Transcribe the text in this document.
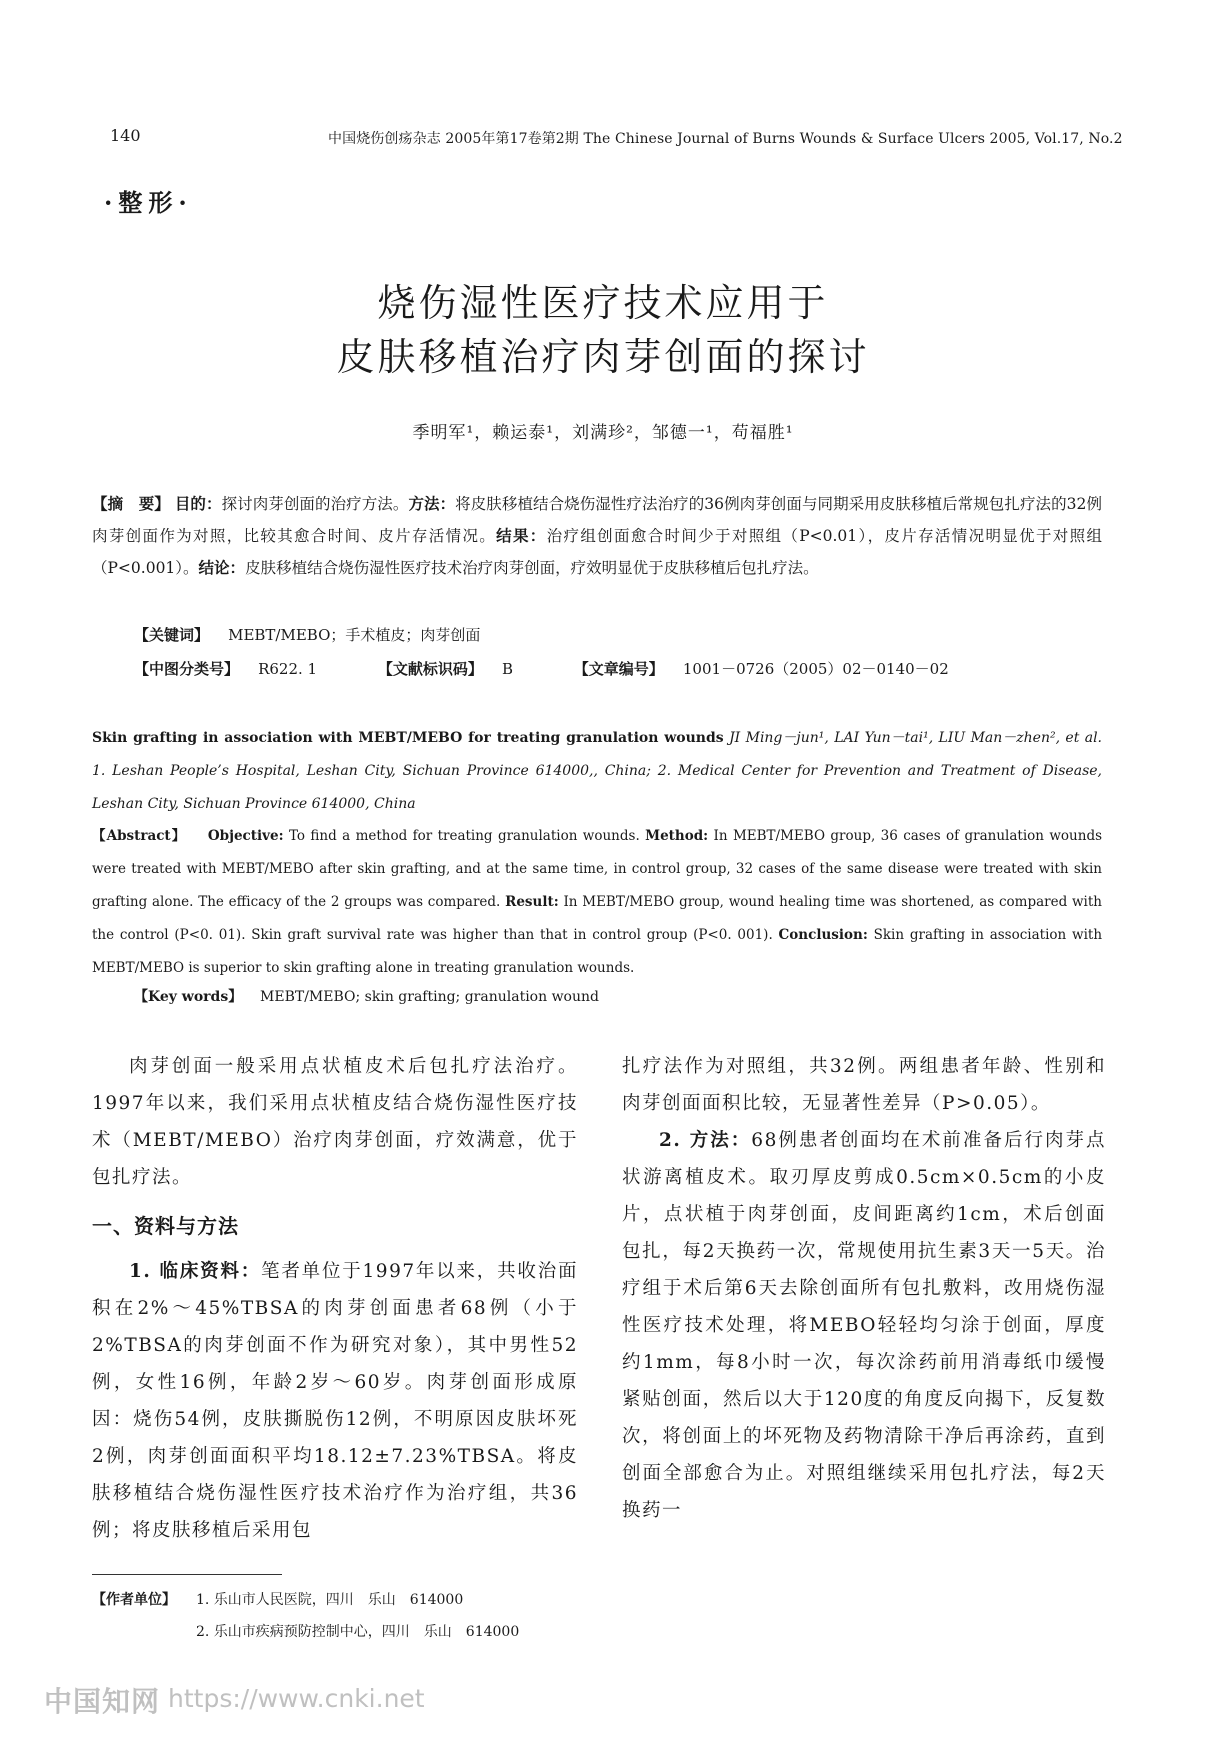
140	中国烧伤创疡杂志 2005年第17卷第2期 The Chinese Journal of Burns Wounds & Surface Ulcers 2005, Vol.17, No.2
·整形·
烧伤湿性医疗技术应用于
皮肤移植治疗肉芽创面的探讨
季明军¹，赖运泰¹，刘满珍²，邹德一¹，苟福胜¹
【摘　要】 目的：探讨肉芽创面的治疗方法。方法：将皮肤移植结合烧伤湿性疗法治疗的36例肉芽创面与同期采用皮肤移植后常规包扎疗法的32例肉芽创面作为对照，比较其愈合时间、皮片存活情况。结果：治疗组创面愈合时间少于对照组（P<0.01），皮片存活情况明显优于对照组（P<0.001）。结论：皮肤移植结合烧伤湿性医疗技术治疗肉芽创面，疗效明显优于皮肤移植后包扎疗法。
【关键词】 MEBT/MEBO；手术植皮；肉芽创面
【中图分类号】 R622. 1	【文献标识码】 B	【文章编号】 1001－0726（2005）02－0140－02
Skin grafting in association with MEBT/MEBO for treating granulation wounds JI Ming－jun¹, LAI Yun－tai¹, LIU Man－zhen², et al. 1. Leshan People’s Hospital, Leshan City, Sichuan Province 614000,, China; 2. Medical Center for Prevention and Treatment of Disease, Leshan City, Sichuan Province 614000, China
【Abstract】 Objective: To find a method for treating granulation wounds. Method: In MEBT/MEBO group, 36 cases of granulation wounds were treated with MEBT/MEBO after skin grafting, and at the same time, in control group, 32 cases of the same disease were treated with skin grafting alone. The efficacy of the 2 groups was compared. Result: In MEBT/MEBO group, wound healing time was shortened, as compared with the control (P<0. 01). Skin graft survival rate was higher than that in control group (P<0. 001). Conclusion: Skin grafting in association with MEBT/MEBO is superior to skin grafting alone in treating granulation wounds.
【Key words】 MEBT/MEBO; skin grafting; granulation wound

肉芽创面一般采用点状植皮术后包扎疗法治疗。1997年以来，我们采用点状植皮结合烧伤湿性医疗技术（MEBT/MEBO）治疗肉芽创面，疗效满意，优于包扎疗法。

一、资料与方法

1. 临床资料：笔者单位于1997年以来，共收治面积在2%～45%TBSA的肉芽创面患者68例（小于2%TBSA的肉芽创面不作为研究对象），其中男性52例，女性16例，年龄2岁～60岁。肉芽创面形成原因：烧伤54例，皮肤撕脱伤12例，不明原因皮肤坏死2例，肉芽创面面积平均18.12±7.23%TBSA。将皮肤移植结合烧伤湿性医疗技术治疗作为治疗组，共36例；将皮肤移植后采用包

扎疗法作为对照组，共32例。两组患者年龄、性别和肉芽创面面积比较，无显著性差异（P>0.05）。

2. 方法：68例患者创面均在术前准备后行肉芽点状游离植皮术。取刃厚皮剪成0.5cm×0.5cm的小皮片，点状植于肉芽创面，皮间距离约1cm，术后创面包扎，每2天换药一次，常规使用抗生素3天一5天。治疗组于术后第6天去除创面所有包扎敷料，改用烧伤湿性医疗技术处理，将MEBO轻轻均匀涂于创面，厚度约1mm，每8小时一次，每次涂药前用消毒纸巾缓慢紧贴创面，然后以大于120度的角度反向揭下，反复数次，将创面上的坏死物及药物清除干净后再涂药，直到创面全部愈合为止。对照组继续采用包扎疗法，每2天换药一

【作者单位】 1. 乐山市人民医院，四川　乐山　614000
2. 乐山市疾病预防控制中心，四川　乐山　614000
中国知网 https://www.cnki.net
